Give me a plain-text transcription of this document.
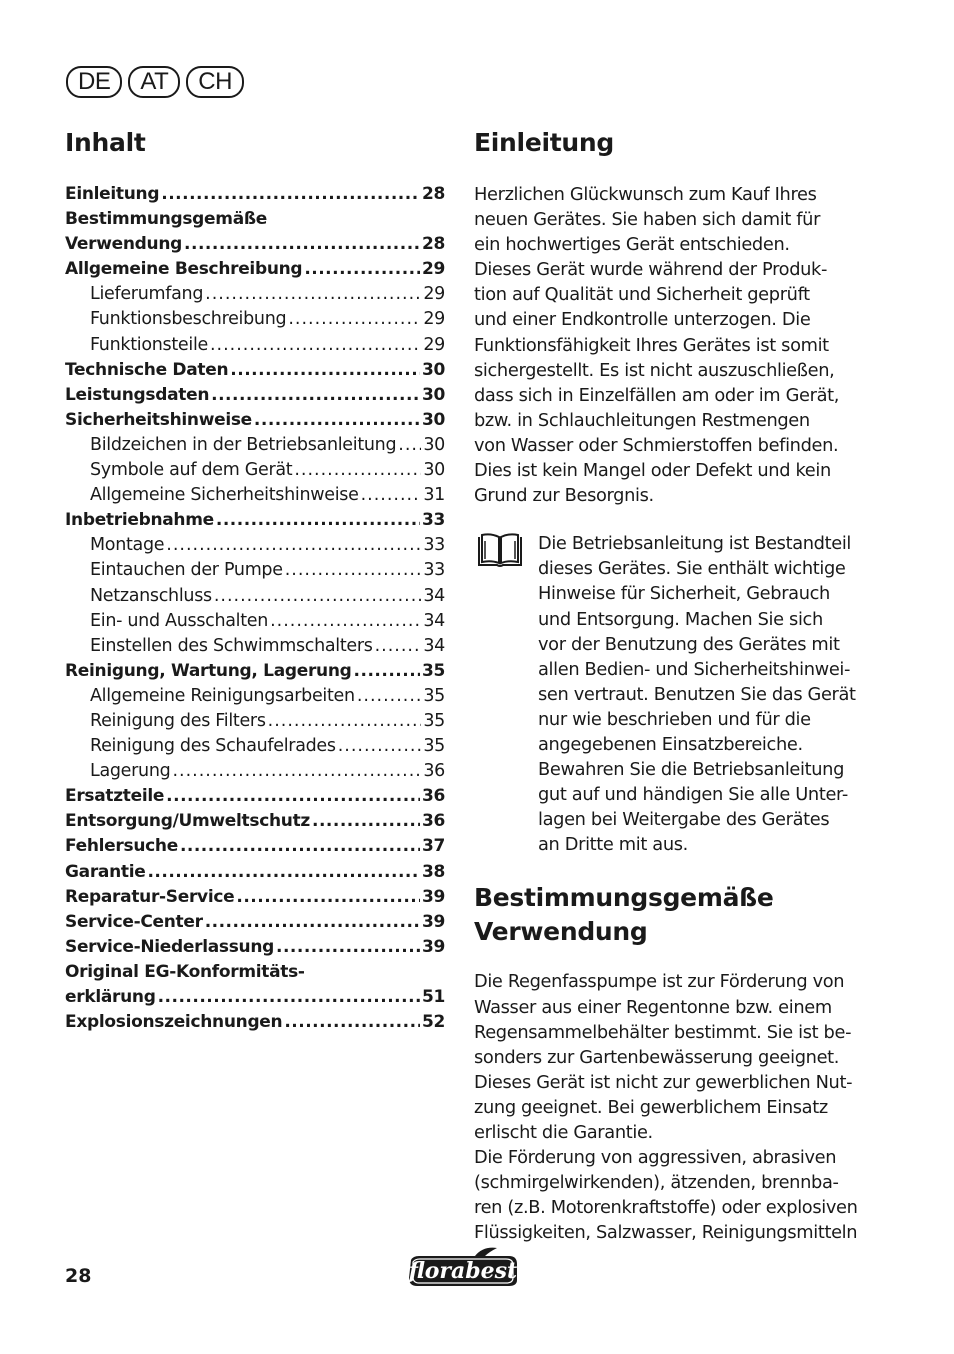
DE	AT	CH
Inhalt
Einleitung .....	28
Bestimmungsgemäße
Verwendung .....	28
Allgemeine Beschreibung .....	29
Lieferumfang .....	29
Funktionsbeschreibung .....	29
Funktionsteile .....	29
Technische Daten .....	30
Leistungsdaten .....	30
Sicherheitshinweise .....	30
Bildzeichen in der Betriebsanleitung ..... 30
Symbole auf dem Gerät .....	30
Allgemeine Sicherheitshinweise .....	31
Inbetriebnahme .....	33
Montage .....	33
Eintauchen der Pumpe .....	33
Netzanschluss .....	34
Ein- und Ausschalten .....	34
Einstellen des Schwimmschalters .....	34
Reinigung, Wartung, Lagerung .....	35
Allgemeine Reinigungsarbeiten .....	35
Reinigung des Filters .....	35
Reinigung des Schaufelrades .....	35
Lagerung .....	36
Ersatzteile .....	36
Entsorgung/Umweltschutz .....	36
Fehlersuche .....	37
Garantie .....	38
Reparatur-Service .....	39
Service-Center .....	39
Service-Niederlassung .....	39
Original EG-Konformitäts-
erklärung .....	51
Explosionszeichnungen .....	52
Einleitung
Herzlichen Glückwunsch zum Kauf Ihres
neuen Gerätes. Sie haben sich damit für
ein hochwertiges Gerät entschieden.
Dieses Gerät wurde während der Produk-
tion auf Qualität und Sicherheit geprüft
und einer Endkontrolle unterzogen. Die
Funktionsfähigkeit Ihres Gerätes ist somit
sichergestellt. Es ist nicht auszuschließen,
dass sich in Einzelfällen am oder im Gerät,
bzw. in Schlauchleitungen Restmengen
von Wasser oder Schmierstoffen befinden.
Dies ist kein Mangel oder Defekt und kein
Grund zur Besorgnis.
Die Betriebsanleitung ist Bestandteil
dieses Gerätes. Sie enthält wichtige
Hinweise für Sicherheit, Gebrauch
und Entsorgung. Machen Sie sich
vor der Benutzung des Gerätes mit
allen Bedien- und Sicherheitshinwei-
sen vertraut. Benutzen Sie das Gerät
nur wie beschrieben und für die
angegebenen Einsatzbereiche.
Bewahren Sie die Betriebsanleitung
gut auf und händigen Sie alle Unter-
lagen bei Weitergabe des Gerätes
an Dritte mit aus.
Bestimmungsgemäße
Verwendung
Die Regenfasspumpe ist zur Förderung von
Wasser aus einer Regentonne bzw. einem
Regensammelbehälter bestimmt. Sie ist be-
sonders zur Gartenbewässerung geeignet.
Dieses Gerät ist nicht zur gewerblichen Nut-
zung geeignet. Bei gewerblichem Einsatz
erlischt die Garantie.
Die Förderung von aggressiven, abrasiven
(schmirgelwirkenden), ätzenden, brennba-
ren (z.B. Motorenkraftstoffe) oder explosiven
Flüssigkeiten, Salzwasser, Reinigungsmitteln
28	florabest
